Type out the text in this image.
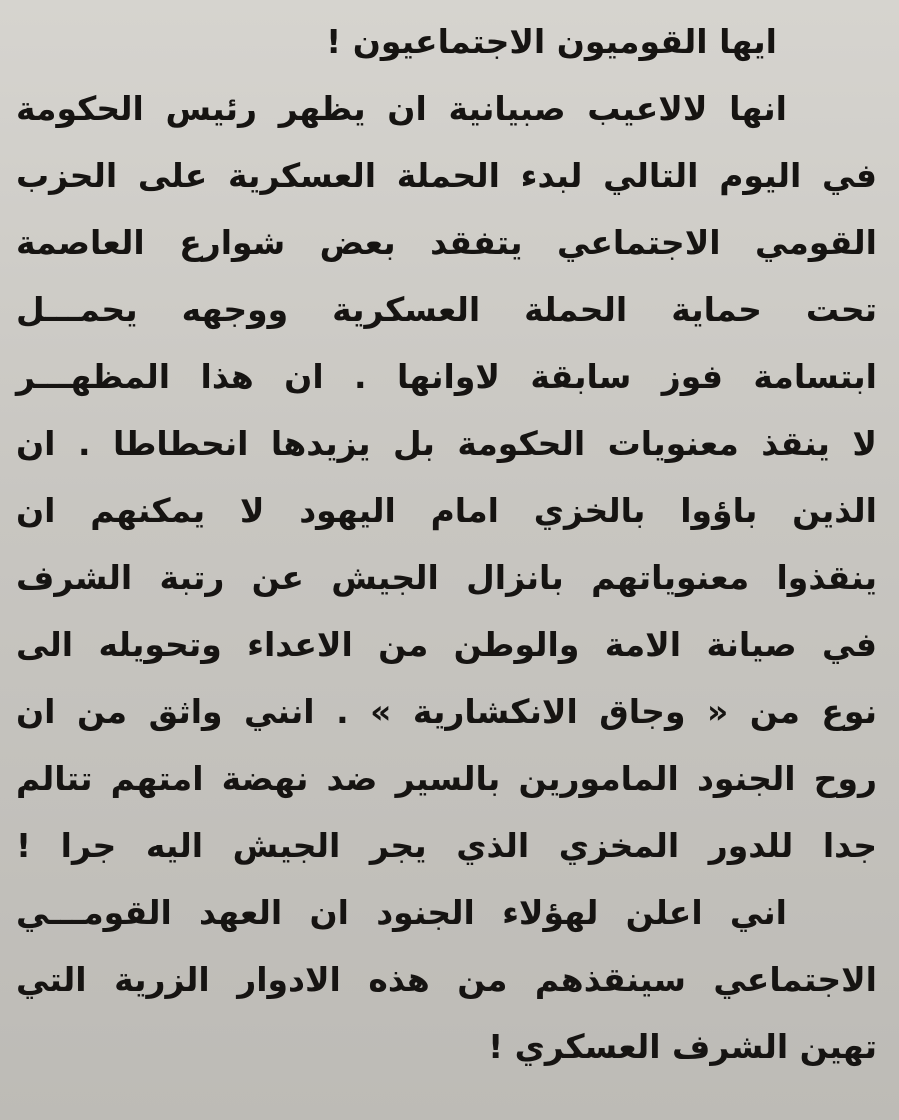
ايها القوميون الاجتماعيون !
انها لالاعيب صبيانية ان يظهر رئيس الحكومة
في اليوم التالي لبدء الحملة العسكرية على الحزب
القومي الاجتماعي يتفقد بعض شوارع العاصمة
تحت حماية الحملة العسكرية ووجهه يحمـــل
ابتسامة فوز سابقة لاوانها . ان هذا المظهـــر
لا ينقذ معنويات الحكومة بل يزيدها انحطاطا . ان
الذين باؤوا بالخزي امام اليهود لا يمكنهم ان
ينقذوا معنوياتهم بانزال الجيش عن رتبة الشرف
في صيانة الامة والوطن من الاعداء وتحويله الى
نوع من « وجاق الانكشارية » . انني واثق من ان
روح الجنود المامورين بالسير ضد نهضة امتهم تتالم
جدا للدور المخزي الذي يجر الجيش اليه جرا !
اني اعلن لهؤلاء الجنود ان العهد القومـــي
الاجتماعي سينقذهم من هذه الادوار الزرية التي
تهين الشرف العسكري !
